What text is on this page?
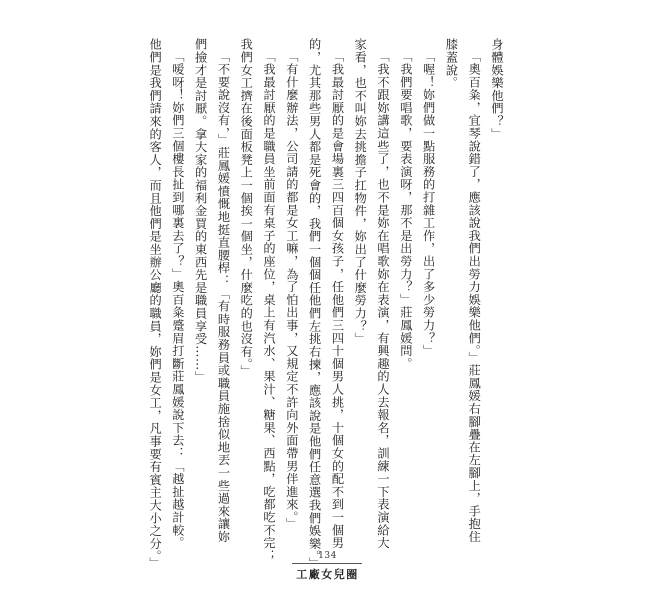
身體娛樂他們？」
「奧百粂，宜琴說錯了，應該說我們出勞力娛樂他們。」莊鳳媛右腳疊在左腳上，手抱住
膝蓋說。
「喔！妳們做一點服務的打雜工作，出了多少勞力？」
「我們要唱歌，要表演呀，那不是出勞力？」莊鳳媛問。
「我不跟妳講這些了，也不是妳在唱歌妳在表演，有興趣的人去報名，訓練一下表演給大
家看，也不叫妳去挑擔子扛物件，妳出了什麼勞力？」
「我最討厭的是會場裏三四百個女孩子，任他們三四十個男人挑，十個女的配不到一個男
的，尤其那些男人都是死會的，我們一個個任他們左挑右揀，應該說是他們任意選我們娛樂。」
「有什麼辦法，公司請的都是女工嘛，為了怕出事，又規定不許向外面帶男伴進來。」
「我最討厭的是職員坐前面有桌子的座位，桌上有汽水、果汁、糖果、西點，吃都吃不完；
我們女工擠在後面板凳上一個挨一個坐，什麼吃的也沒有。」
「不要說沒有，」莊鳳媛憤慨地挺直腰桿：「有時服務員或職員施捨似地丟一些過來讓妳
們撿才是討厭。拿大家的福利金買的東西先是職員享受……」
「嗳呀！妳們三個樓長扯到哪裏去了？」奧百粂蹙眉打斷莊鳳媛說下去：「越扯越計較。
他們是我們請來的客人，而且他們是坐辦公廳的職員，妳們是女工，凡事要有賓主大小之分。」	134
工廠女兒圈
